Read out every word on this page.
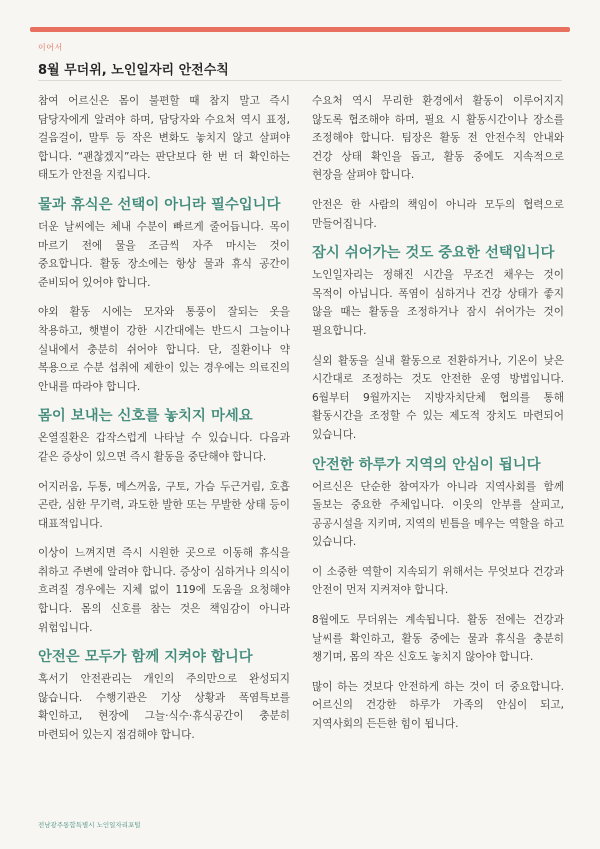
이어서
8월 무더위, 노인일자리 안전수칙

참여 어르신은 몸이 불편할 때 참지 말고 즉시 담당자에게 알려야 하며, 담당자와 수요처 역시 표정, 걸음걸이, 말투 등 작은 변화도 놓치지 않고 살펴야 합니다. “괜찮겠지”라는 판단보다 한 번 더 확인하는 태도가 안전을 지킵니다.

물과 휴식은 선택이 아니라 필수입니다

더운 날씨에는 체내 수분이 빠르게 줄어듭니다. 목이 마르기 전에 물을 조금씩 자주 마시는 것이 중요합니다. 활동 장소에는 항상 물과 휴식 공간이 준비되어 있어야 합니다.

야외 활동 시에는 모자와 통풍이 잘되는 옷을 착용하고, 햇볕이 강한 시간대에는 반드시 그늘이나 실내에서 충분히 쉬어야 합니다. 단, 질환이나 약 복용으로 수분 섭취에 제한이 있는 경우에는 의료진의 안내를 따라야 합니다.

몸이 보내는 신호를 놓치지 마세요

온열질환은 갑작스럽게 나타날 수 있습니다. 다음과 같은 증상이 있으면 즉시 활동을 중단해야 합니다.

어지러움, 두통, 메스꺼움, 구토, 가슴 두근거림, 호흡 곤란, 심한 무기력, 과도한 발한 또는 무발한 상태 등이 대표적입니다.

이상이 느껴지면 즉시 시원한 곳으로 이동해 휴식을 취하고 주변에 알려야 합니다. 증상이 심하거나 의식이 흐려질 경우에는 지체 없이 119에 도움을 요청해야 합니다. 몸의 신호를 참는 것은 책임감이 아니라 위험입니다.

안전은 모두가 함께 지켜야 합니다

혹서기 안전관리는 개인의 주의만으로 완성되지 않습니다. 수행기관은 기상 상황과 폭염특보를 확인하고, 현장에 그늘·식수·휴식공간이 충분히 마련되어 있는지 점검해야 합니다.

수요처 역시 무리한 환경에서 활동이 이루어지지 않도록 협조해야 하며, 필요 시 활동시간이나 장소를 조정해야 합니다. 팀장은 활동 전 안전수칙 안내와 건강 상태 확인을 돕고, 활동 중에도 지속적으로 현장을 살펴야 합니다.

안전은 한 사람의 책임이 아니라 모두의 협력으로 만들어집니다.

잠시 쉬어가는 것도 중요한 선택입니다

노인일자리는 정해진 시간을 무조건 채우는 것이 목적이 아닙니다. 폭염이 심하거나 건강 상태가 좋지 않을 때는 활동을 조정하거나 잠시 쉬어가는 것이 필요합니다.

실외 활동을 실내 활동으로 전환하거나, 기온이 낮은 시간대로 조정하는 것도 안전한 운영 방법입니다. 6월부터 9월까지는 지방자치단체 협의를 통해 활동시간을 조정할 수 있는 제도적 장치도 마련되어 있습니다.

안전한 하루가 지역의 안심이 됩니다

어르신은 단순한 참여자가 아니라 지역사회를 함께 돌보는 중요한 주체입니다. 이웃의 안부를 살피고, 공공시설을 지키며, 지역의 빈틈을 메우는 역할을 하고 있습니다.

이 소중한 역할이 지속되기 위해서는 무엇보다 건강과 안전이 먼저 지켜져야 합니다.

8월에도 무더위는 계속됩니다. 활동 전에는 건강과 날씨를 확인하고, 활동 중에는 물과 휴식을 충분히 챙기며, 몸의 작은 신호도 놓치지 않아야 합니다.

많이 하는 것보다 안전하게 하는 것이 더 중요합니다. 어르신의 건강한 하루가 가족의 안심이 되고, 지역사회의 든든한 힘이 됩니다.

전남광주통합특별시 노인일자리포털
